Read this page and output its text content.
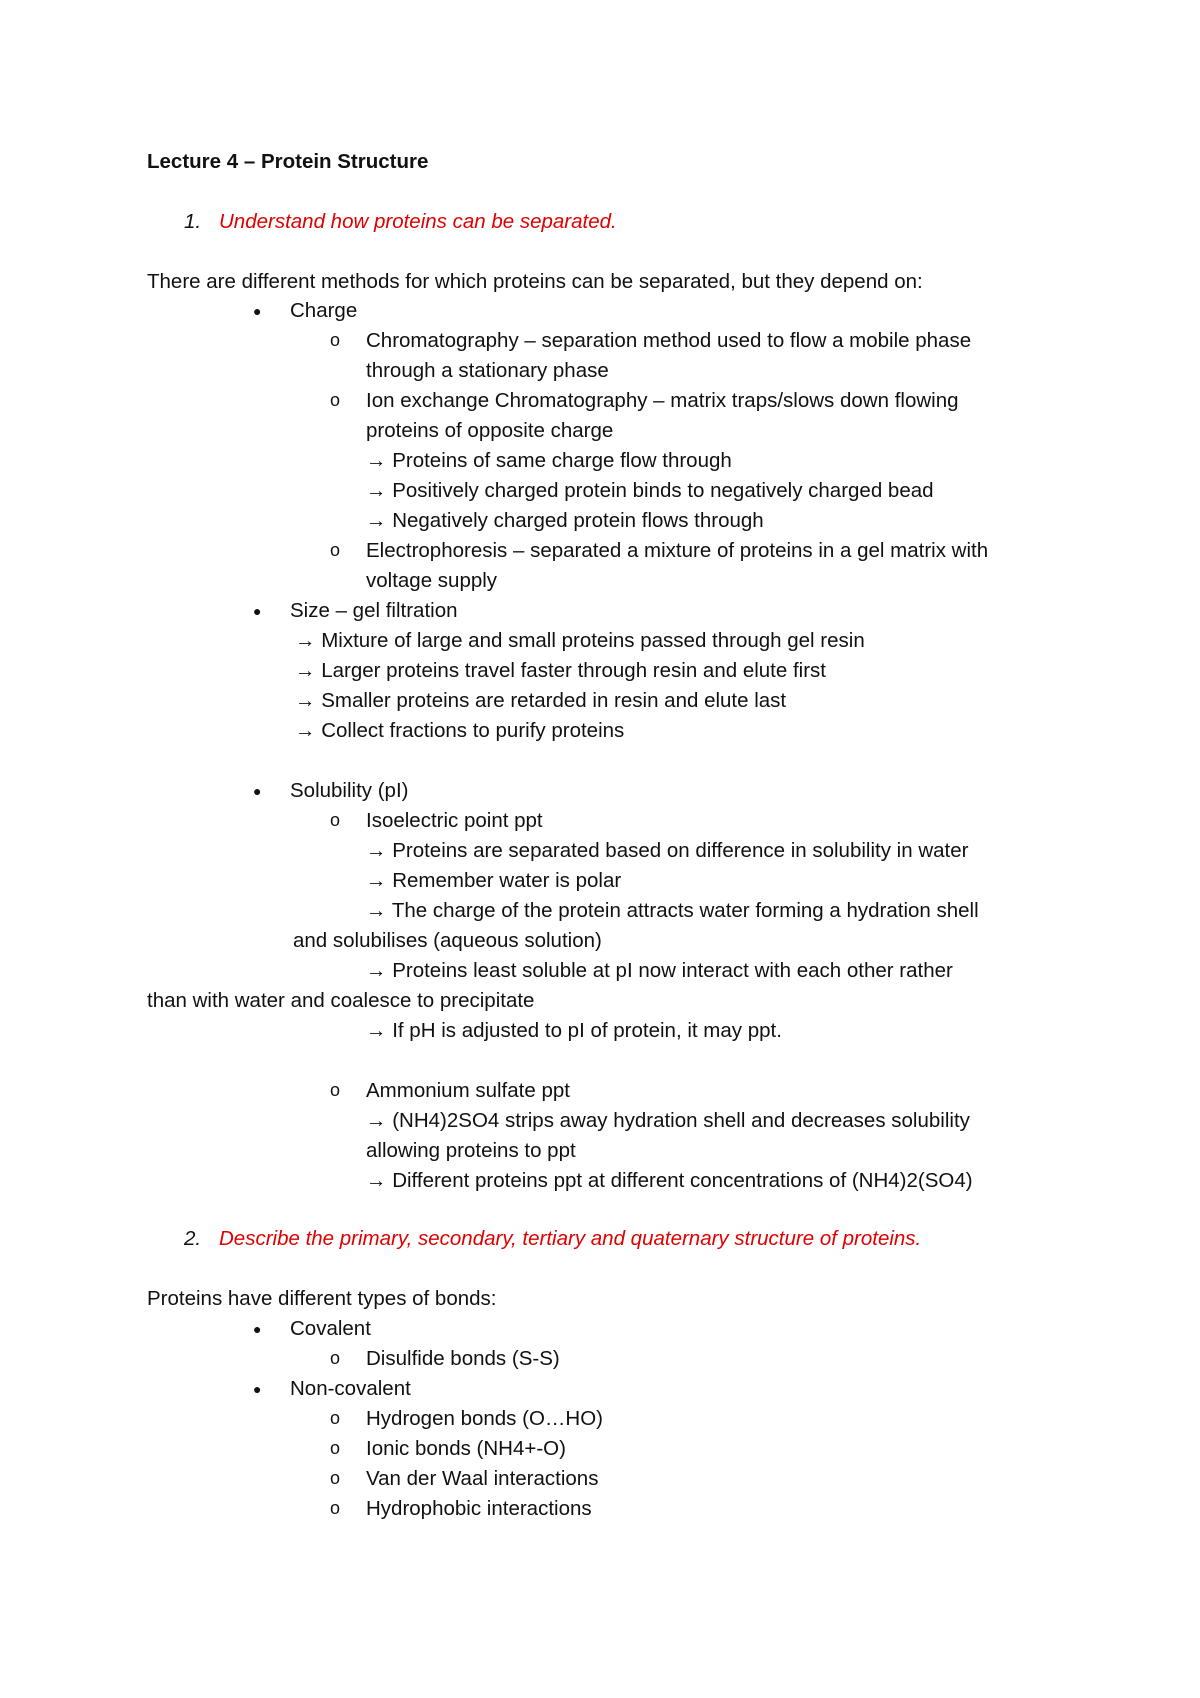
Lecture 4 – Protein Structure
1. Understand how proteins can be separated.
There are different methods for which proteins can be separated, but they depend on:
● Charge
o Chromatography – separation method used to flow a mobile phase
through a stationary phase
o Ion exchange Chromatography – matrix traps/slows down flowing
proteins of opposite charge
→ Proteins of same charge flow through
→ Positively charged protein binds to negatively charged bead
→ Negatively charged protein flows through
o Electrophoresis – separated a mixture of proteins in a gel matrix with
voltage supply
● Size – gel filtration
→ Mixture of large and small proteins passed through gel resin
→ Larger proteins travel faster through resin and elute first
→ Smaller proteins are retarded in resin and elute last
→ Collect fractions to purify proteins
● Solubility (pI)
o Isoelectric point ppt
→ Proteins are separated based on difference in solubility in water
→ Remember water is polar
→ The charge of the protein attracts water forming a hydration shell
and solubilises (aqueous solution)
→ Proteins least soluble at pI now interact with each other rather
than with water and coalesce to precipitate
→ If pH is adjusted to pI of protein, it may ppt.
o Ammonium sulfate ppt
→ (NH4)2SO4 strips away hydration shell and decreases solubility
allowing proteins to ppt
→ Different proteins ppt at different concentrations of (NH4)2(SO4)
2. Describe the primary, secondary, tertiary and quaternary structure of proteins.
Proteins have different types of bonds:
● Covalent
o Disulfide bonds (S-S)
● Non-covalent
o Hydrogen bonds (O…HO)
o Ionic bonds (NH4+-O)
o Van der Waal interactions
o Hydrophobic interactions
